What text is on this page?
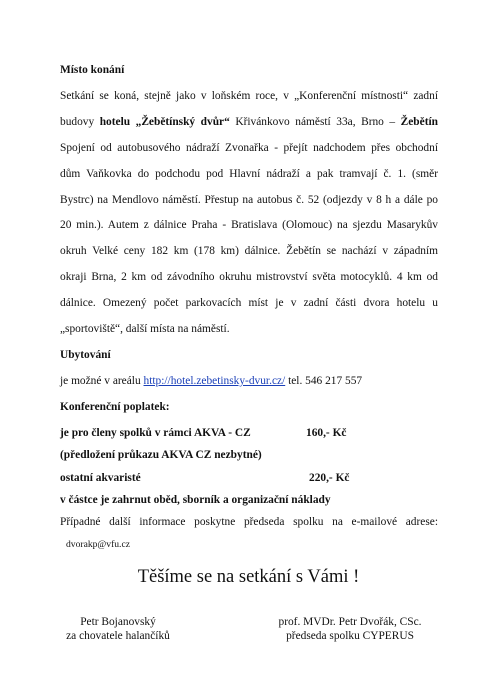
Místo konání
Setkání se koná, stejně jako v loňském roce, v „Konferenční místnosti“ zadní
budovy hotelu „Žebětínský dvůr“ Křivánkovo náměstí 33a, Brno – Žebětín
Spojení od autobusového nádraží Zvonařka - přejít nadchodem přes obchodní
dům Vaňkovka do podchodu pod Hlavní nádraží a pak tramvají č. 1. (směr
Bystrc) na Mendlovo náměstí. Přestup na autobus č. 52 (odjezdy v 8 h a dále po
20 min.). Autem z dálnice Praha - Bratislava (Olomouc) na sjezdu Masarykův
okruh Velké ceny 182 km (178 km) dálnice. Žebětín se nachází v západním
okraji Brna, 2 km od závodního okruhu mistrovství světa motocyklů. 4 km od
dálnice. Omezený počet parkovacích míst je v zadní části dvora hotelu u
„sportoviště“, další místa na náměstí.
Ubytování
je možné v areálu http://hotel.zebetinsky-dvur.cz/ tel. 546 217 557
Konferenční poplatek:
je pro členy spolků v rámci AKVA - CZ	160,- Kč
(předložení průkazu AKVA CZ nezbytné)
ostatní akvaristé	220,- Kč
v částce je zahrnut oběd, sborník a organizační náklady
Případné další informace poskytne předseda spolku na e-mailové adrese:
dvorakp@vfu.cz
Těšíme se na setkání s Vámi !
Petr Bojanovský
za chovatele halančíků
prof. MVDr. Petr Dvořák, CSc.
předseda spolku CYPERUS
